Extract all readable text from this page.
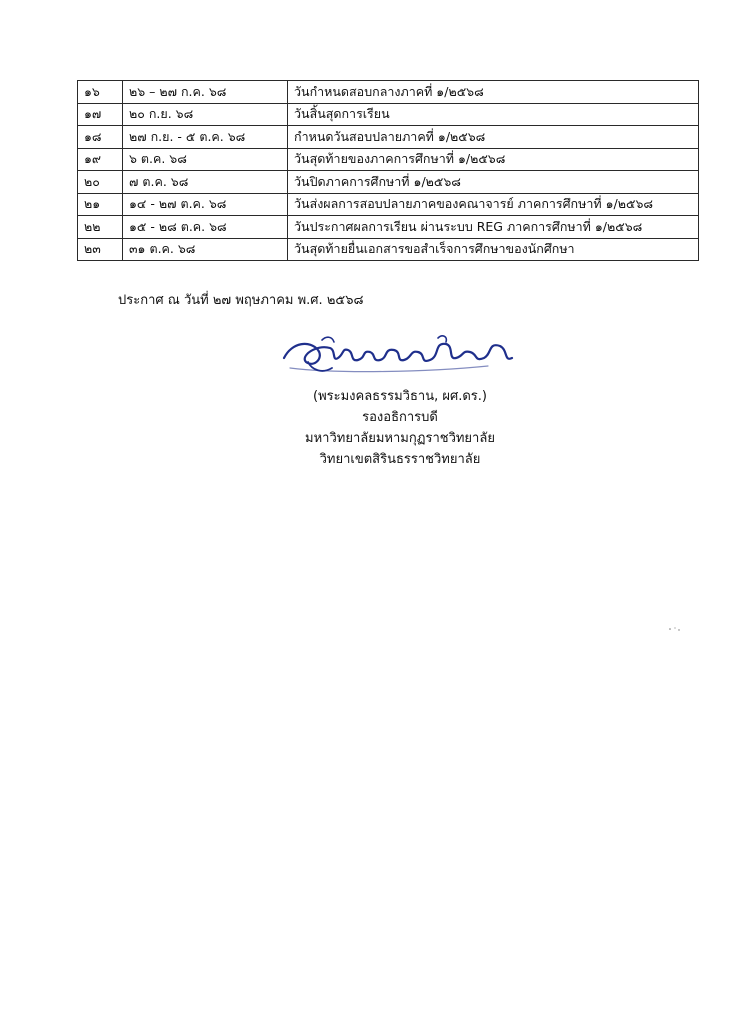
๑๖	๒๖ – ๒๗ ก.ค. ๖๘	วันกำหนดสอบกลางภาคที่ ๑/๒๕๖๘
๑๗	๒๐ ก.ย. ๖๘	วันสิ้นสุดการเรียน
๑๘	๒๗ ก.ย. - ๕ ต.ค. ๖๘	กำหนดวันสอบปลายภาคที่ ๑/๒๕๖๘
๑๙	๖ ต.ค. ๖๘	วันสุดท้ายของภาคการศึกษาที่ ๑/๒๕๖๘
๒๐	๗ ต.ค. ๖๘	วันปิดภาคการศึกษาที่ ๑/๒๕๖๘
๒๑	๑๔ - ๒๗ ต.ค. ๖๘	วันส่งผลการสอบปลายภาคของคณาจารย์ ภาคการศึกษาที่ ๑/๒๕๖๘
๒๒	๑๕ - ๒๘ ต.ค. ๖๘	วันประกาศผลการเรียน ผ่านระบบ REG ภาคการศึกษาที่ ๑/๒๕๖๘
๒๓	๓๑ ต.ค. ๖๘	วันสุดท้ายยื่นเอกสารขอสำเร็จการศึกษาของนักศึกษา
ประกาศ ณ วันที่ ๒๗ พฤษภาคม พ.ศ. ๒๕๖๘
(พระมงคลธรรมวิธาน, ผศ.ดร.)
รองอธิการบดี
มหาวิทยาลัยมหามกุฏราชวิทยาลัย
วิทยาเขตสิรินธรราชวิทยาลัย
